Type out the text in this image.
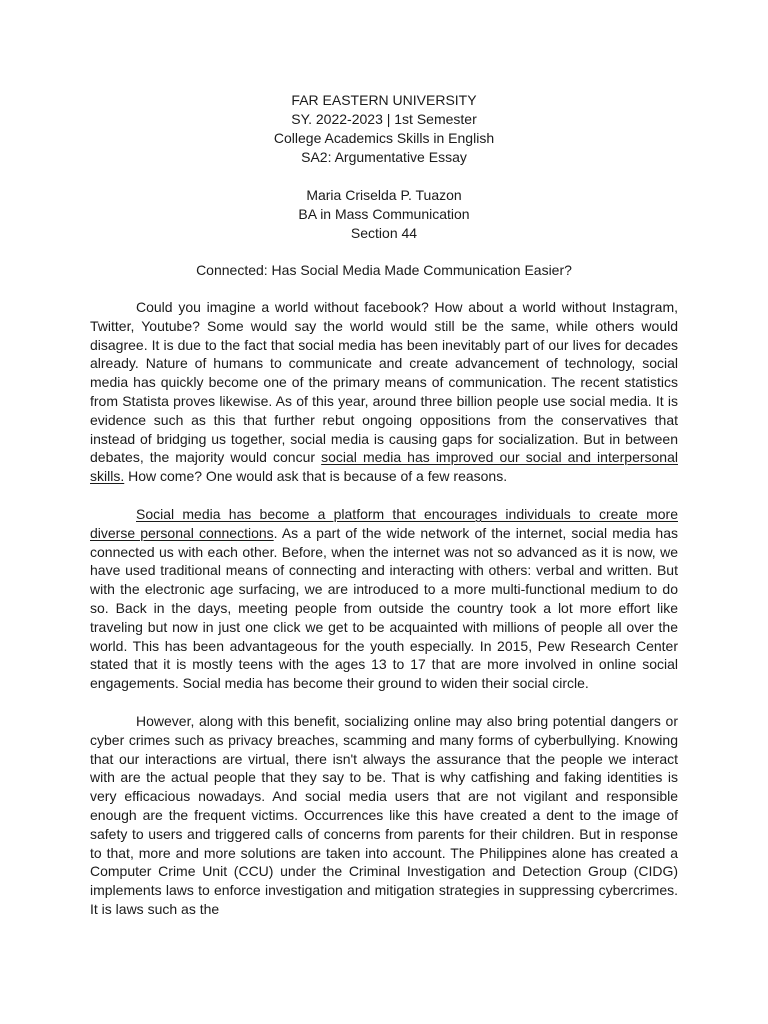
FAR EASTERN UNIVERSITY
SY. 2022-2023 | 1st Semester
College Academics Skills in English
SA2: Argumentative Essay
Maria Criselda P. Tuazon
BA in Mass Communication
Section 44
Connected: Has Social Media Made Communication Easier?

Could you imagine a world without facebook? How about a world without Instagram, Twitter, Youtube? Some would say the world would still be the same, while others would disagree. It is due to the fact that social media has been inevitably part of our lives for decades already. Nature of humans to communicate and create advancement of technology, social media has quickly become one of the primary means of communication. The recent statistics from Statista proves likewise. As of this year, around three billion people use social media. It is evidence such as this that further rebut ongoing oppositions from the conservatives that instead of bridging us together, social media is causing gaps for socialization. But in between debates, the majority would concur social media has improved our social and interpersonal skills. How come? One would ask that is because of a few reasons.

Social media has become a platform that encourages individuals to create more diverse personal connections. As a part of the wide network of the internet, social media has connected us with each other. Before, when the internet was not so advanced as it is now, we have used traditional means of connecting and interacting with others: verbal and written. But with the electronic age surfacing, we are introduced to a more multi-functional medium to do so. Back in the days, meeting people from outside the country took a lot more effort like traveling but now in just one click we get to be acquainted with millions of people all over the world. This has been advantageous for the youth especially. In 2015, Pew Research Center stated that it is mostly teens with the ages 13 to 17 that are more involved in online social engagements. Social media has become their ground to widen their social circle.

However, along with this benefit, socializing online may also bring potential dangers or cyber crimes such as privacy breaches, scamming and many forms of cyberbullying. Knowing that our interactions are virtual, there isn't always the assurance that the people we interact with are the actual people that they say to be. That is why catfishing and faking identities is very efficacious nowadays. And social media users that are not vigilant and responsible enough are the frequent victims. Occurrences like this have created a dent to the image of safety to users and triggered calls of concerns from parents for their children. But in response to that, more and more solutions are taken into account. The Philippines alone has created a Computer Crime Unit (CCU) under the Criminal Investigation and Detection Group (CIDG) implements laws to enforce investigation and mitigation strategies in suppressing cybercrimes. It is laws such as the
